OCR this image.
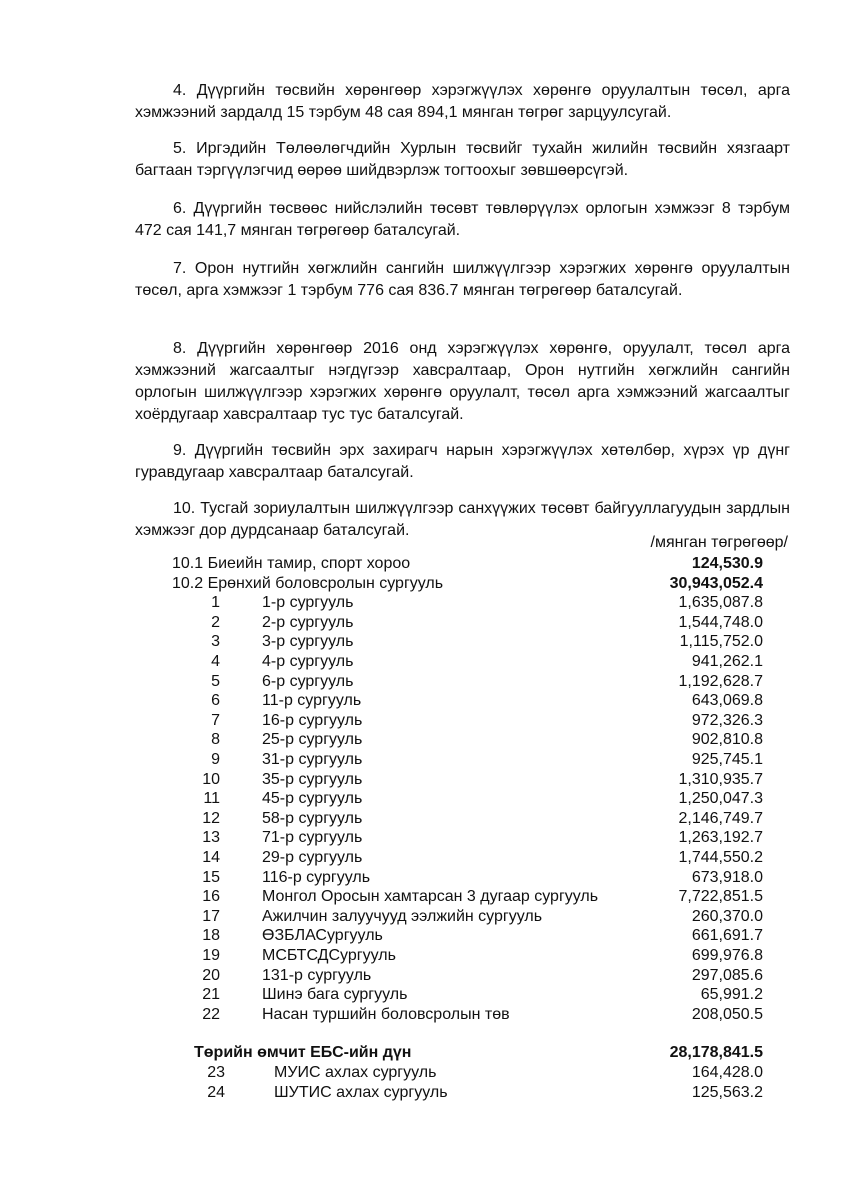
4. Дүүргийн төсвийн хөрөнгөөр хэрэгжүүлэх хөрөнгө оруулалтын төсөл, арга хэмжээний зардалд 15 тэрбум 48 сая 894,1 мянган төгрөг зарцуулсугай.

5. Иргэдийн Төлөөлөгчдийн Хурлын төсвийг тухайн жилийн төсвийн хязгаарт багтаан тэргүүлэгчид өөрөө шийдвэрлэж тогтоохыг зөвшөөрсүгэй.

6. Дүүргийн төсвөөс нийслэлийн төсөвт төвлөрүүлэх орлогын хэмжээг 8 тэрбум 472 сая 141,7 мянган төгрөгөөр баталсугай.

7. Орон нутгийн хөгжлийн сангийн шилжүүлгээр хэрэгжих хөрөнгө оруулалтын төсөл, арга хэмжээг 1 тэрбум 776 сая 836.7 мянган төгрөгөөр баталсугай.

8. Дүүргийн хөрөнгөөр 2016 онд хэрэгжүүлэх хөрөнгө, оруулалт, төсөл арга хэмжээний жагсаалтыг нэгдүгээр хавсралтаар, Орон нутгийн хөгжлийн сангийн орлогын шилжүүлгээр хэрэгжих хөрөнгө оруулалт, төсөл арга хэмжээний жагсаалтыг хоёрдугаар хавсралтаар тус тус баталсугай.

9. Дүүргийн төсвийн эрх захирагч нарын хэрэгжүүлэх хөтөлбөр, хүрэх үр дүнг гуравдугаар хавсралтаар баталсугай.

10. Тусгай зориулалтын шилжүүлгээр санхүүжих төсөвт байгууллагуудын зардлын хэмжээг дор дурдсанаар баталсугай.

/мянган төгрөгөөр/
10.1 Биеийн тамир, спорт хороо	124,530.9
10.2 Ерөнхий боловсролын сургууль	30,943,052.4
1	1-р сургууль	1,635,087.8
2	2-р сургууль	1,544,748.0
3	3-р сургууль	1,115,752.0
4	4-р сургууль	941,262.1
5	6-р сургууль	1,192,628.7
6	11-р сургууль	643,069.8
7	16-р сургууль	972,326.3
8	25-р сургууль	902,810.8
9	31-р сургууль	925,745.1
10	35-р сургууль	1,310,935.7
11	45-р сургууль	1,250,047.3
12	58-р сургууль	2,146,749.7
13	71-р сургууль	1,263,192.7
14	29-р сургууль	1,744,550.2
15	116-р сургууль	673,918.0
16	Монгол Оросын хамтарсан 3 дугаар сургууль	7,722,851.5
17	Ажилчин залуучууд ээлжийн сургууль	260,370.0
18	ӨЗБЛАСургууль	661,691.7
19	МСБТСДСургууль	699,976.8
20	131-р сургууль	297,085.6
21	Шинэ бага сургууль	65,991.2
22	Насан туршийн боловсролын төв	208,050.5
Төрийн өмчит ЕБС-ийн дүн	28,178,841.5
23	МУИС ахлах сургууль	164,428.0
24	ШУТИС ахлах сургууль	125,563.2
